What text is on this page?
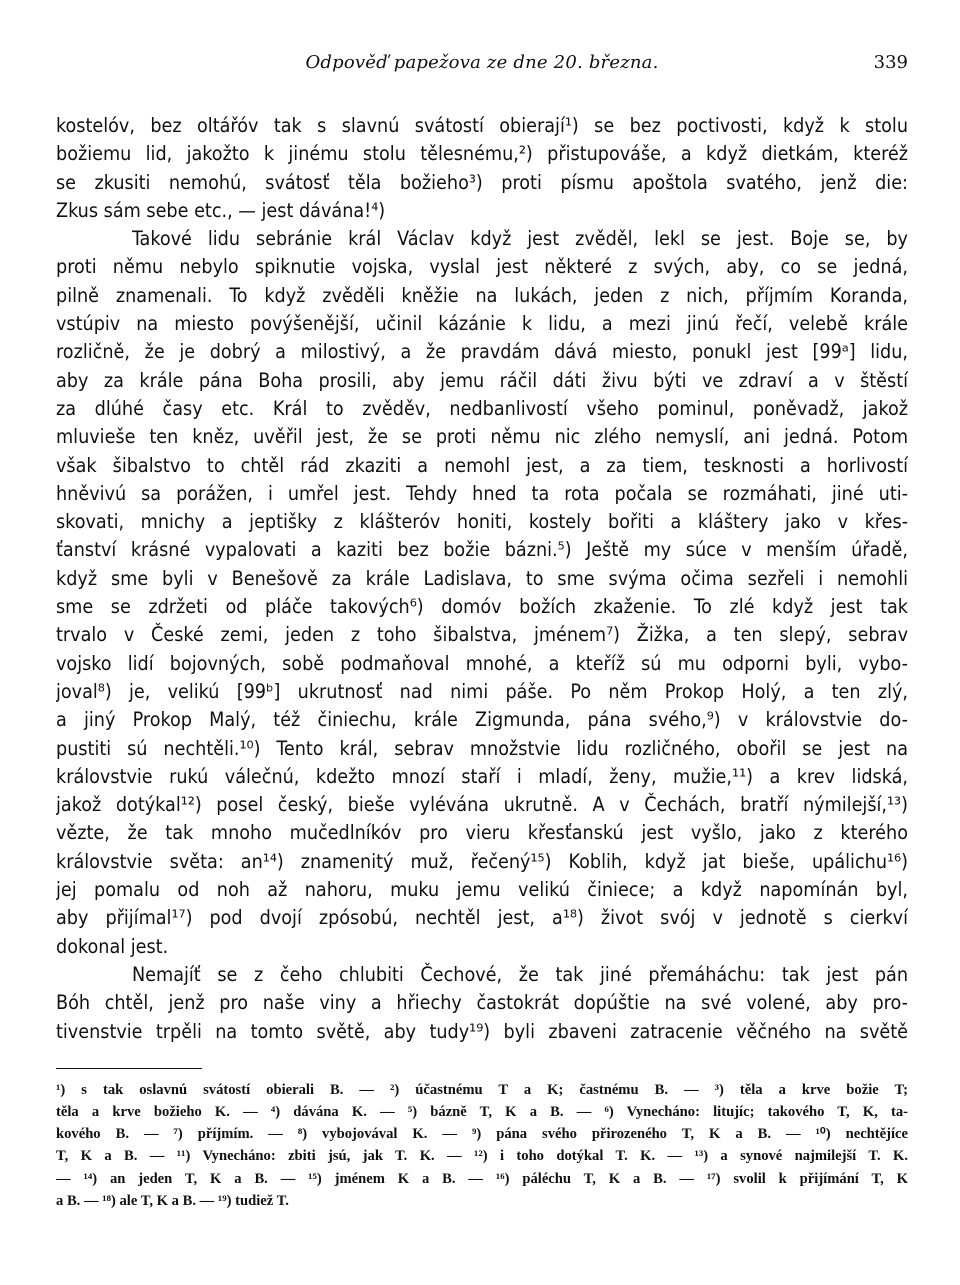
Odpověď papežova ze dne 20. března.	339
kostelóv, bez oltářóv tak s slavnú svátostí obierají¹) se bez poctivosti, když k stolu
božiemu lid, jakožto k jinému stolu tělesnému,²) přistupováše, a když dietkám, kteréž
se zkusiti nemohú, svátosť těla božieho³) proti písmu apoštola svatého, jenž die:
Zkus sám sebe etc., — jest dávána!⁴)
Takové lidu sebránie král Václav když jest zvěděl, lekl se jest. Boje se, by
proti němu nebylo spiknutie vojska, vyslal jest některé z svých, aby, co se jedná,
pilně znamenali. To když zvěděli kněžie na lukách, jeden z nich, příjmím Koranda,
vstúpiv na miesto povýšenější, učinil kázánie k lidu, a mezi jinú řečí, velebě krále
rozličně, že je dobrý a milostivý, a že pravdám dává miesto, ponukl jest [99ᵃ] lidu,
aby za krále pána Boha prosili, aby jemu ráčil dáti živu býti ve zdraví a v štěstí
za dlúhé časy etc. Král to zvěděv, nedbanlivostí všeho pominul, poněvadž, jakož
mluvieše ten kněz, uvěřil jest, že se proti němu nic zlého nemyslí, ani jedná. Potom
však šibalstvo to chtěl rád zkaziti a nemohl jest, a za tiem, tesknosti a horlivostí
hněvivú sa porážen, i umřel jest. Tehdy hned ta rota počala se rozmáhati, jiné uti-
skovati, mnichy a jeptišky z klášteróv honiti, kostely bořiti a kláštery jako v křes-
ťanství krásné vypalovati a kaziti bez božie bázni.⁵) Ještě my súce v menším úřadě,
když sme byli v Benešově za krále Ladislava, to sme svýma očima sezřeli i nemohli
sme se zdržeti od pláče takových⁶) domóv božích zkaženie. To zlé když jest tak
trvalo v České zemi, jeden z toho šibalstva, jménem⁷) Žižka, a ten slepý, sebrav
vojsko lidí bojovných, sobě podmaňoval mnohé, a kteříž sú mu odporni byli, vybo-
joval⁸) je, velikú [99ᵇ] ukrutnosť nad nimi páše. Po něm Prokop Holý, a ten zlý,
a jiný Prokop Malý, též činiechu, krále Zigmunda, pána svého,⁹) v královstvie do-
pustiti sú nechtěli.¹⁰) Tento král, sebrav množstvie lidu rozličného, obořil se jest na
královstvie rukú válečnú, kdežto mnozí staří i mladí, ženy, mužie,¹¹) a krev lidská,
jakož dotýkal¹²) posel český, bieše vylévána ukrutně. A v Čechách, bratří nýmilejší,¹³)
vězte, že tak mnoho mučedlníkóv pro vieru křesťanskú jest vyšlo, jako z kterého
královstvie světa: an¹⁴) znamenitý muž, řečený¹⁵) Koblih, když jat bieše, upálichu¹⁶)
jej pomalu od noh až nahoru, muku jemu velikú činiece; a když napomínán byl,
aby přijímal¹⁷) pod dvojí zpósobú, nechtěl jest, a¹⁸) život svój v jednotě s cierkví
dokonal jest.
Nemajíť se z čeho chlubiti Čechové, že tak jiné přemáháchu: tak jest pán
Bóh chtěl, jenž pro naše viny a hřiechy častokrát dopúštie na své volené, aby pro-
tivenstvie trpěli na tomto světě, aby tudy¹⁹) byli zbaveni zatracenie věčného na světě
¹) s tak oslavnú svátostí obierali B. — ²) účastnému T a K; častnému B. — ³) těla a krve božie T;
těla a krve božieho K. — ⁴) dávána K. — ⁵) bázně T, K a B. — ⁶) Vynecháno: litujíc; takového T, K, ta-
kového B. — ⁷) příjmím. — ⁸) vybojovával K. — ⁹) pána svého přirozeného T, K a B. — ¹⁰) nechtějíce
T, K a B. — ¹¹) Vynecháno: zbiti jsú, jak T. K. — ¹²) i toho dotýkal T. K. — ¹³) a synové najmilejší T. K.
— ¹⁴) an jeden T, K a B. — ¹⁵) jménem K a B. — ¹⁶) páléchu T, K a B. — ¹⁷) svolil k přijímání T, K
a B. — ¹⁸) ale T, K a B. — ¹⁹) tudiež T.
